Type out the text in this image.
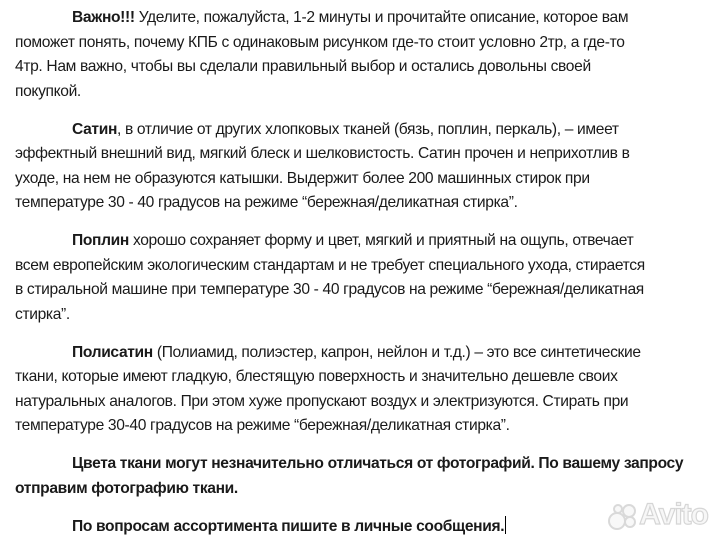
Важно!!! Уделите, пожалуйста, 1-2 минуты и прочитайте описание, которое вам
поможет понять, почему КПБ с одинаковым рисунком где-то стоит условно 2тр, а где-то
4тр. Нам важно, чтобы вы сделали правильный выбор и остались довольны своей
покупкой.
Сатин, в отличие от других хлопковых тканей (бязь, поплин, перкаль), – имеет
эффектный внешний вид, мягкий блеск и шелковистость. Сатин прочен и неприхотлив в
уходе, на нем не образуются катышки. Выдержит более 200 машинных стирок при
температуре 30 - 40 градусов на режиме “бережная/деликатная стирка”.
Поплин хорошо сохраняет форму и цвет, мягкий и приятный на ощупь, отвечает
всем европейским экологическим стандартам и не требует специального ухода, стирается
в стиральной машине при температуре 30 - 40 градусов на режиме “бережная/деликатная
стирка”.
Полисатин (Полиамид, полиэстер, капрон, нейлон и т.д.) – это все синтетические
ткани, которые имеют гладкую, блестящую поверхность и значительно дешевле своих
натуральных аналогов. При этом хуже пропускают воздух и электризуются. Стирать при
температуре 30-40 градусов на режиме “бережная/деликатная стирка”.
Цвета ткани могут незначительно отличаться от фотографий. По вашему запросу
отправим фотографию ткани.
По вопросам ассортимента пишите в личные сообщения.	Avito
